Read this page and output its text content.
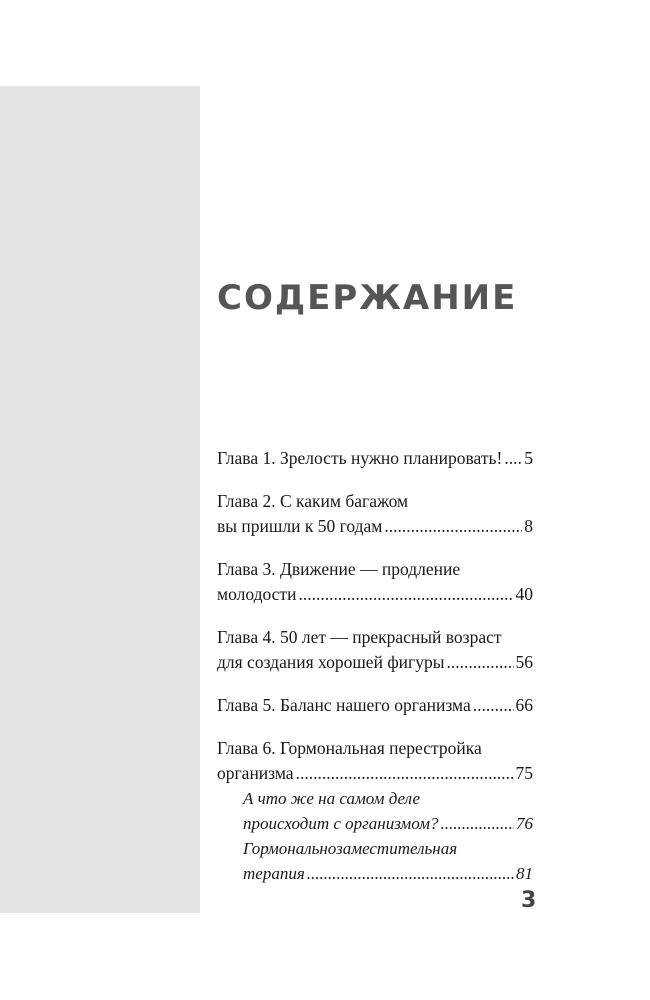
СОДЕРЖАНИЕ
Глава 1. Зрелость нужно планировать! ..... 5
Глава 2. С каким багажом
вы пришли к 50 годам .....	8
Глава 3. Движение — продление
молодости .....	40
Глава 4. 50 лет — прекрасный возраст
для создания хорошей фигуры .....	56
Глава 5. Баланс нашего организма .....	66
Глава 6. Гормональная перестройка
организма .....	75
А что же на самом деле
происходит с организмом? .....	76
Гормональнозаместительная
терапия .....	81
3
